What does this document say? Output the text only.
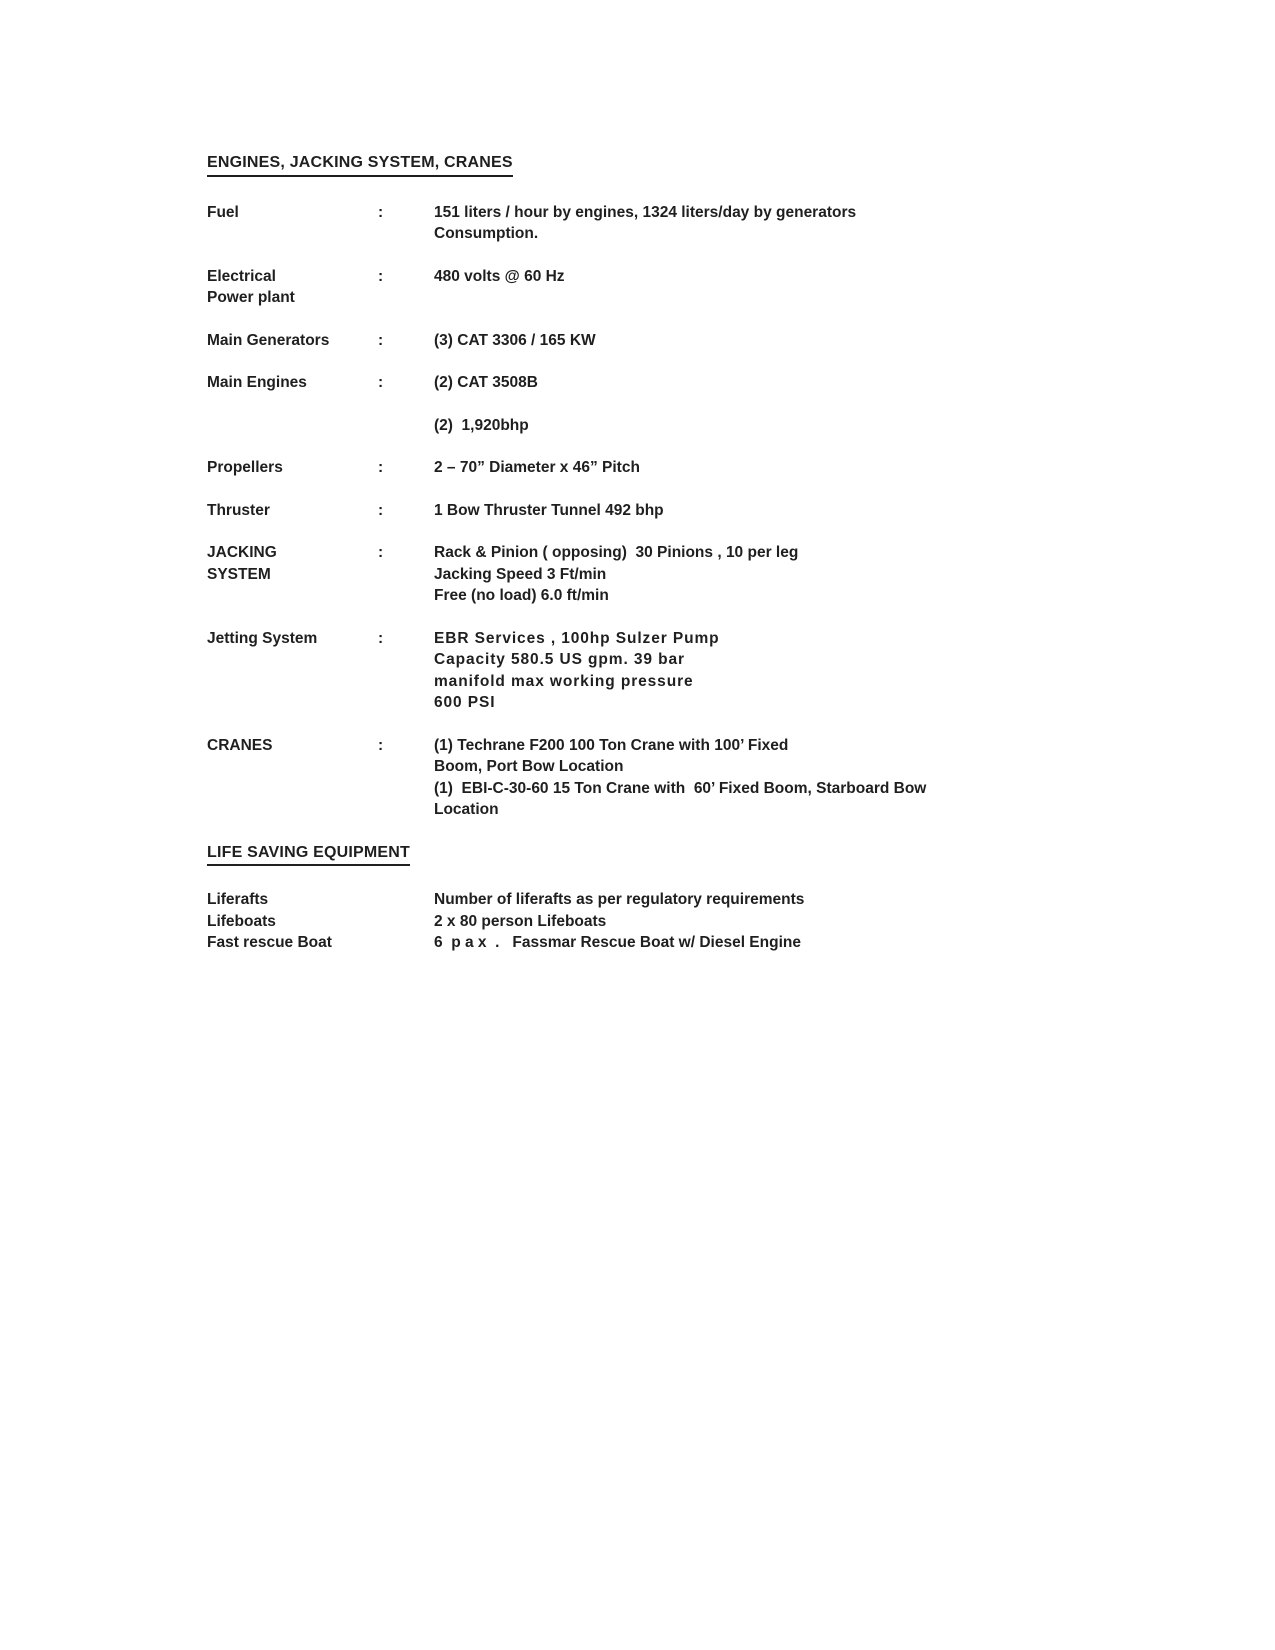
ENGINES, JACKING SYSTEM, CRANES
Fuel	:	151 liters / hour by engines, 1324 liters/day by generators
Consumption.
Electrical
Power plant
:	480 volts @ 60 Hz
Main Generators	:	(3) CAT 3306 / 165 KW
Main Engines	:	(2) CAT 3508B
(2)  1,920bhp
Propellers	:	2 – 70” Diameter x 46” Pitch
Thruster	:	1 Bow Thruster Tunnel 492 bhp
JACKING
SYSTEM
:	Rack & Pinion ( opposing)  30 Pinions , 10 per leg
Jacking Speed 3 Ft/min
Free (no load) 6.0 ft/min
Jetting System	:	EBR Services , 100hp Sulzer Pump
Capacity 580.5 US gpm. 39 bar
manifold max working pressure
600 PSI
CRANES	:	(1) Techrane F200 100 Ton Crane with 100’ Fixed
Boom, Port Bow Location
(1)  EBI-C-30-60 15 Ton Crane with  60’ Fixed Boom, Starboard Bow
Location
LIFE SAVING EQUIPMENT
Liferafts	Number of liferafts as per regulatory requirements
Lifeboats	2 x 80 person Lifeboats
Fast rescue Boat	6  p a x  .   Fassmar Rescue Boat w/ Diesel Engine
